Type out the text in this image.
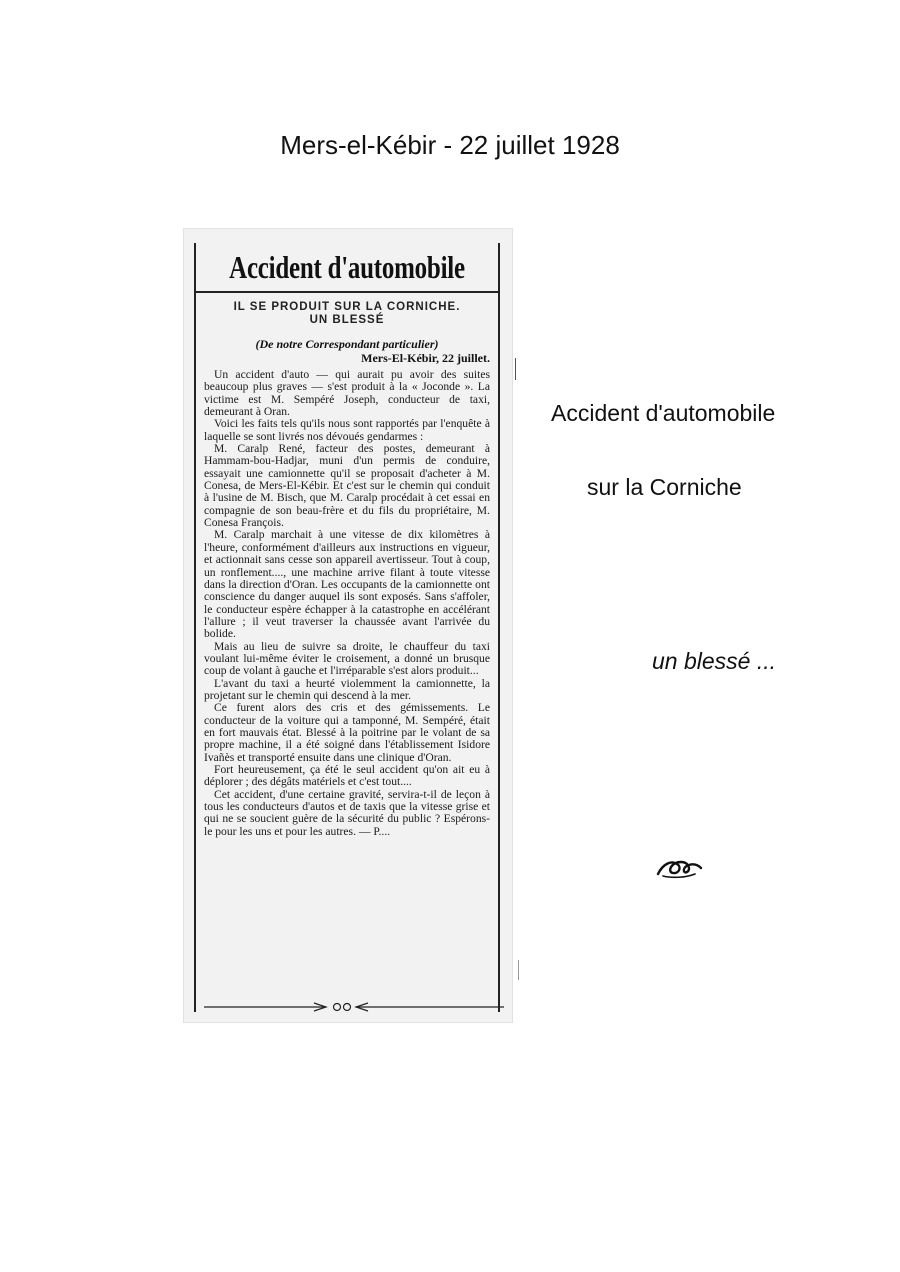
Mers-el-Kébir - 22 juillet 1928
Accident d'automobile
IL SE PRODUIT SUR LA CORNICHE.
UN BLESSÉ
(De notre Correspondant particulier)
Mers-El-Kébir, 22 juillet.

Un accident d'auto — qui aurait pu avoir des suites beaucoup plus graves — s'est produit à la « Joconde ». La victime est M. Sempéré Joseph, conducteur de taxi, demeurant à Oran.

Voici les faits tels qu'ils nous sont rapportés par l'enquête à laquelle se sont livrés nos dévoués gendarmes :

M. Caralp René, facteur des postes, demeurant à Hammam-bou-Hadjar, muni d'un permis de conduire, essayait une camionnette qu'il se proposait d'acheter à M. Conesa, de Mers-El-Kébir. Et c'est sur le chemin qui conduit à l'usine de M. Bisch, que M. Caralp procédait à cet essai en compagnie de son beau-frère et du fils du propriétaire, M. Conesa François.

M. Caralp marchait à une vitesse de dix kilomètres à l'heure, conformément d'ailleurs aux instructions en vigueur, et actionnait sans cesse son appareil avertisseur. Tout à coup, un ronflement...., une machine arrive filant à toute vitesse dans la direction d'Oran. Les occupants de la camionnette ont conscience du danger auquel ils sont exposés. Sans s'affoler, le conducteur espère échapper à la catastrophe en accélérant l'allure ; il veut traverser la chaussée avant l'arrivée du bolide.

Mais au lieu de suivre sa droite, le chauffeur du taxi voulant lui-même éviter le croisement, a donné un brusque coup de volant à gauche et l'irréparable s'est alors produit...

L'avant du taxi a heurté violemment la camionnette, la projetant sur le chemin qui descend à la mer.

Ce furent alors des cris et des gémissements. Le conducteur de la voiture qui a tamponné, M. Sempéré, était en fort mauvais état. Blessé à la poitrine par le volant de sa propre machine, il a été soigné dans l'établissement Isidore Ivañès et transporté ensuite dans une clinique d'Oran.

Fort heureusement, ça été le seul accident qu'on ait eu à déplorer ; des dégâts matériels et c'est tout....

Cet accident, d'une certaine gravité, servira-t-il de leçon à tous les conducteurs d'autos et de taxis que la vitesse grise et qui ne se soucient guère de la sécurité du public ? Espérons-le pour les uns et pour les autres. — P....

Accident d'automobile
sur la Corniche
un blessé ...
